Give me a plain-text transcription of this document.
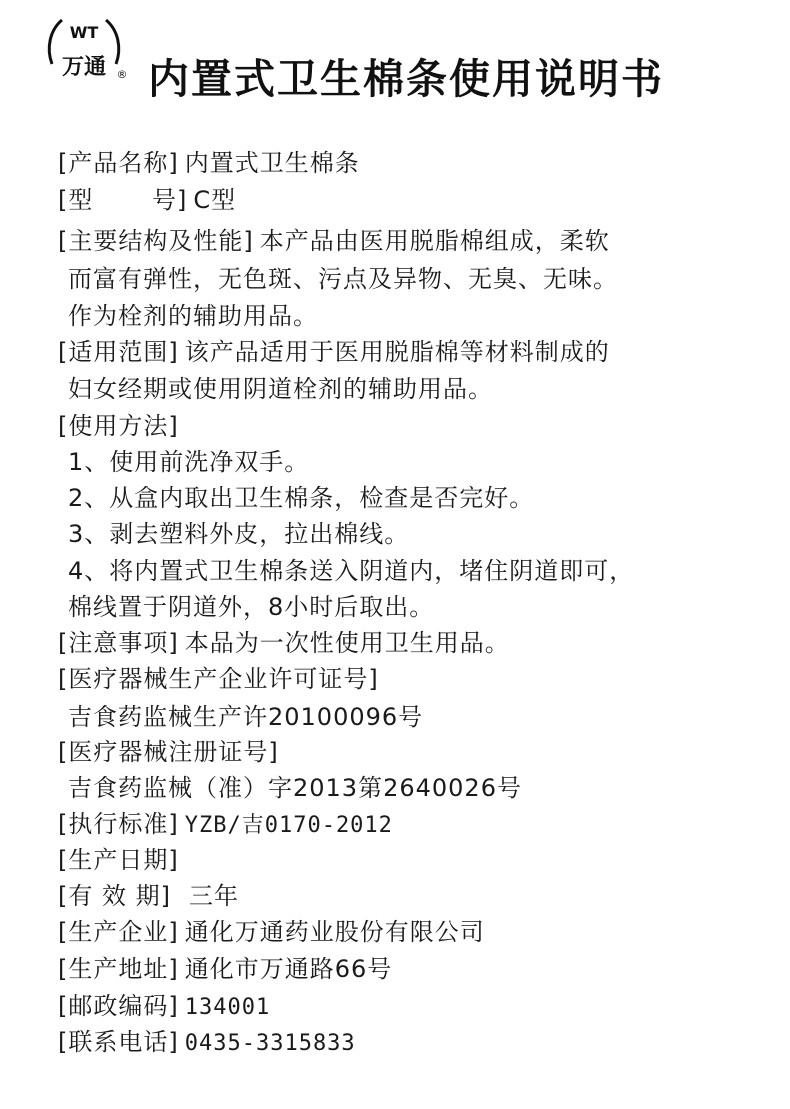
WT
万通 ® 内置式卫生棉条使用说明书
[产品名称] 内置式卫生棉条
[型　　 号] C型
[主要结构及性能] 本产品由医用脱脂棉组成，柔软
而富有弹性，无色斑、污点及异物、无臭、无味。
作为栓剂的辅助用品。
[适用范围] 该产品适用于医用脱脂棉等材料制成的
妇女经期或使用阴道栓剂的辅助用品。
[使用方法]
1、使用前洗净双手。
2、从盒内取出卫生棉条，检查是否完好。
3、剥去塑料外皮，拉出棉线。
4、将内置式卫生棉条送入阴道内，堵住阴道即可，
棉线置于阴道外，8小时后取出。
[注意事项] 本品为一次性使用卫生用品。
[医疗器械生产企业许可证号]
吉食药监械生产许20100096号
[医疗器械注册证号]
吉食药监械（准）字2013第2640026号
[执行标准] YZB/吉0170-2012
[生产日期]
[有 效 期] 三年
[生产企业] 通化万通药业股份有限公司
[生产地址] 通化市万通路66号
[邮政编码] 134001
[联系电话] 0435-3315833
